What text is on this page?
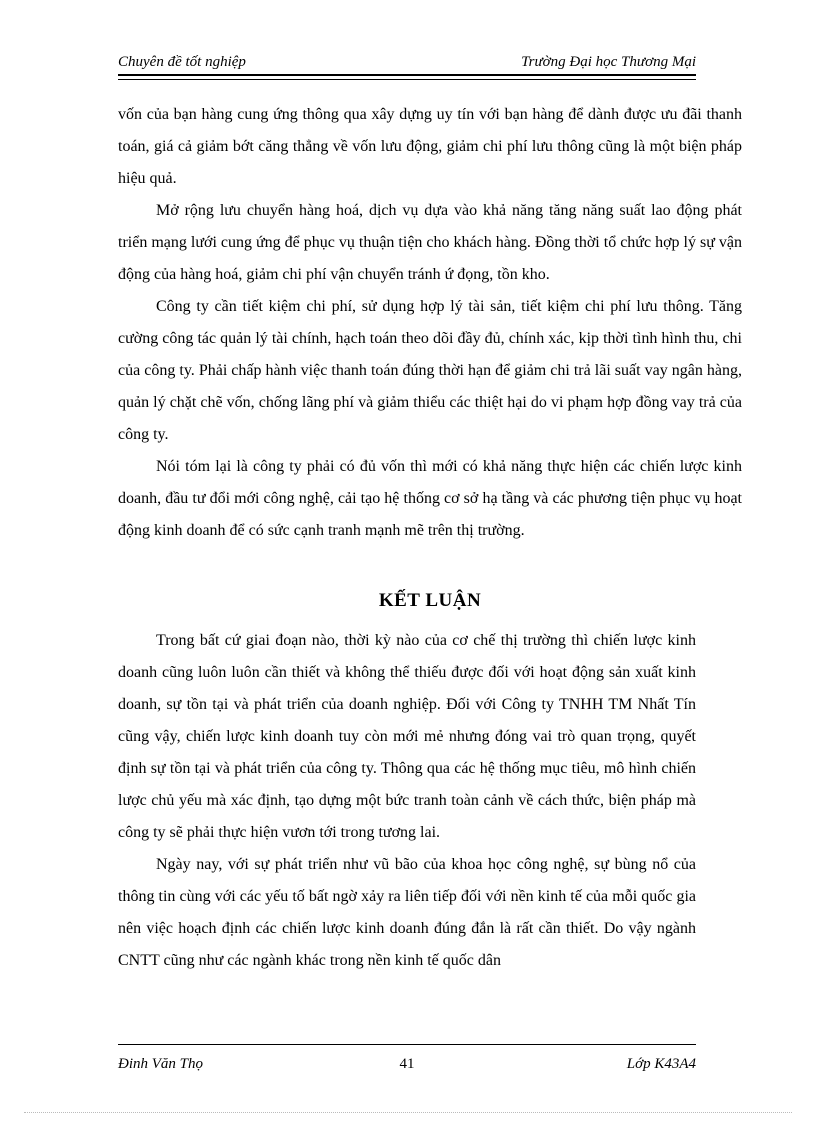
Chuyên đề tốt nghiệp	Trường Đại học Thương Mại

vốn của bạn hàng cung ứng thông qua xây dựng uy tín với bạn hàng để dành được ưu đãi thanh toán, giá cả giảm bớt căng thẳng về vốn lưu động, giảm chi phí lưu thông cũng là một biện pháp hiệu quả.

Mở rộng lưu chuyển hàng hoá, dịch vụ dựa vào khả năng tăng năng suất lao động phát triển mạng lưới cung ứng để phục vụ thuận tiện cho khách hàng. Đồng thời tổ chức hợp lý sự vận động của hàng hoá, giảm chi phí vận chuyển tránh ứ đọng, tồn kho.

Công ty cần tiết kiệm chi phí, sử dụng hợp lý tài sản, tiết kiệm chi phí lưu thông. Tăng cường công tác quản lý tài chính, hạch toán theo dõi đầy đủ, chính xác, kịp thời tình hình thu, chi của công ty. Phải chấp hành việc thanh toán đúng thời hạn để giảm chi trả lãi suất vay ngân hàng, quản lý chặt chẽ vốn, chống lãng phí và giảm thiểu các thiệt hại do vi phạm hợp đồng vay trả của công ty.

Nói tóm lại là công ty phải có đủ vốn thì mới có khả năng thực hiện các chiến lược kinh doanh, đầu tư đổi mới công nghệ, cải tạo hệ thống cơ sở hạ tầng và các phương tiện phục vụ hoạt động kinh doanh để có sức cạnh tranh mạnh mẽ trên thị trường.

KẾT LUẬN

Trong bất cứ giai đoạn nào, thời kỳ nào của cơ chế thị trường thì chiến lược kinh doanh cũng luôn luôn cần thiết và không thể thiếu được đối với hoạt động sản xuất kinh doanh, sự tồn tại và phát triển của doanh nghiệp. Đối với Công ty TNHH TM Nhất Tín cũng vậy, chiến lược kinh doanh tuy còn mới mẻ nhưng đóng vai trò quan trọng, quyết định sự tồn tại và phát triển của công ty. Thông qua các hệ thống mục tiêu, mô hình chiến lược chủ yếu mà xác định, tạo dựng một bức tranh toàn cảnh về cách thức, biện pháp mà công ty sẽ phải thực hiện vươn tới trong tương lai.

Ngày nay, với sự phát triển như vũ bão của khoa học công nghệ, sự bùng nổ của thông tin cùng với các yếu tố bất ngờ xảy ra liên tiếp đối với nền kinh tế của mỗi quốc gia nên việc hoạch định các chiến lược kinh doanh đúng đắn là rất cần thiết. Do vậy ngành CNTT cũng như các ngành khác trong nền kinh tế quốc dân

Đinh Văn Thọ	41	Lớp K43A4
